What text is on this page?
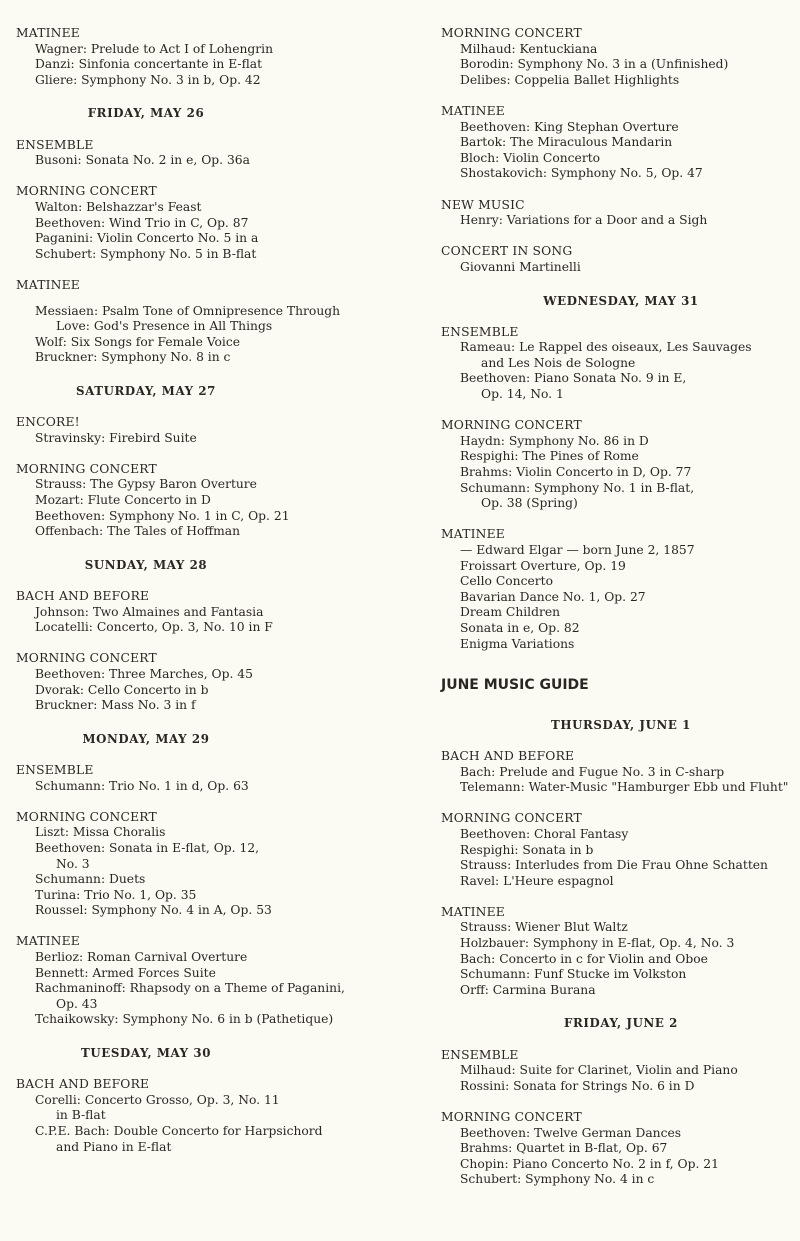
MATINEE
Wagner: Prelude to Act I of Lohengrin
Danzi: Sinfonia concertante in E-flat
Gliere: Symphony No. 3 in b, Op. 42
FRIDAY, MAY 26
ENSEMBLE
Busoni: Sonata No. 2 in e, Op. 36a
MORNING CONCERT
Walton: Belshazzar's Feast
Beethoven: Wind Trio in C, Op. 87
Paganini: Violin Concerto No. 5 in a
Schubert: Symphony No. 5 in B-flat
MATINEE
Messiaen: Psalm Tone of Omnipresence Through
Love: God's Presence in All Things
Wolf: Six Songs for Female Voice
Bruckner: Symphony No. 8 in c
SATURDAY, MAY 27
ENCORE!
Stravinsky: Firebird Suite
MORNING CONCERT
Strauss: The Gypsy Baron Overture
Mozart: Flute Concerto in D
Beethoven: Symphony No. 1 in C, Op. 21
Offenbach: The Tales of Hoffman
SUNDAY, MAY 28
BACH AND BEFORE
Johnson: Two Almaines and Fantasia
Locatelli: Concerto, Op. 3, No. 10 in F
MORNING CONCERT
Beethoven: Three Marches, Op. 45
Dvorak: Cello Concerto in b
Bruckner: Mass No. 3 in f
MONDAY, MAY 29
ENSEMBLE
Schumann: Trio No. 1 in d, Op. 63
MORNING CONCERT
Liszt: Missa Choralis
Beethoven: Sonata in E-flat, Op. 12,
No. 3
Schumann: Duets
Turina: Trio No. 1, Op. 35
Roussel: Symphony No. 4 in A, Op. 53
MATINEE
Berlioz: Roman Carnival Overture
Bennett: Armed Forces Suite
Rachmaninoff: Rhapsody on a Theme of Paganini,
Op. 43
Tchaikowsky: Symphony No. 6 in b (Pathetique)
TUESDAY, MAY 30
BACH AND BEFORE
Corelli: Concerto Grosso, Op. 3, No. 11
in B-flat
C.P.E. Bach: Double Concerto for Harpsichord
and Piano in E-flat
MORNING CONCERT
Milhaud: Kentuckiana
Borodin: Symphony No. 3 in a (Unfinished)
Delibes: Coppelia Ballet Highlights
MATINEE
Beethoven: King Stephan Overture
Bartok: The Miraculous Mandarin
Bloch: Violin Concerto
Shostakovich: Symphony No. 5, Op. 47
NEW MUSIC
Henry: Variations for a Door and a Sigh
CONCERT IN SONG
Giovanni Martinelli
WEDNESDAY, MAY 31
ENSEMBLE
Rameau: Le Rappel des oiseaux, Les Sauvages
and Les Nois de Sologne
Beethoven: Piano Sonata No. 9 in E,
Op. 14, No. 1
MORNING CONCERT
Haydn: Symphony No. 86 in D
Respighi: The Pines of Rome
Brahms: Violin Concerto in D, Op. 77
Schumann: Symphony No. 1 in B-flat,
Op. 38 (Spring)
MATINEE
— Edward Elgar — born June 2, 1857
Froissart Overture, Op. 19
Cello Concerto
Bavarian Dance No. 1, Op. 27
Dream Children
Sonata in e, Op. 82
Enigma Variations
JUNE MUSIC GUIDE
THURSDAY, JUNE 1
BACH AND BEFORE
Bach: Prelude and Fugue No. 3 in C-sharp
Telemann: Water-Music "Hamburger Ebb und Fluht"
MORNING CONCERT
Beethoven: Choral Fantasy
Respighi: Sonata in b
Strauss: Interludes from Die Frau Ohne Schatten
Ravel: L'Heure espagnol
MATINEE
Strauss: Wiener Blut Waltz
Holzbauer: Symphony in E-flat, Op. 4, No. 3
Bach: Concerto in c for Violin and Oboe
Schumann: Funf Stucke im Volkston
Orff: Carmina Burana
FRIDAY, JUNE 2
ENSEMBLE
Milhaud: Suite for Clarinet, Violin and Piano
Rossini: Sonata for Strings No. 6 in D
MORNING CONCERT
Beethoven: Twelve German Dances
Brahms: Quartet in B-flat, Op. 67
Chopin: Piano Concerto No. 2 in f, Op. 21
Schubert: Symphony No. 4 in c
